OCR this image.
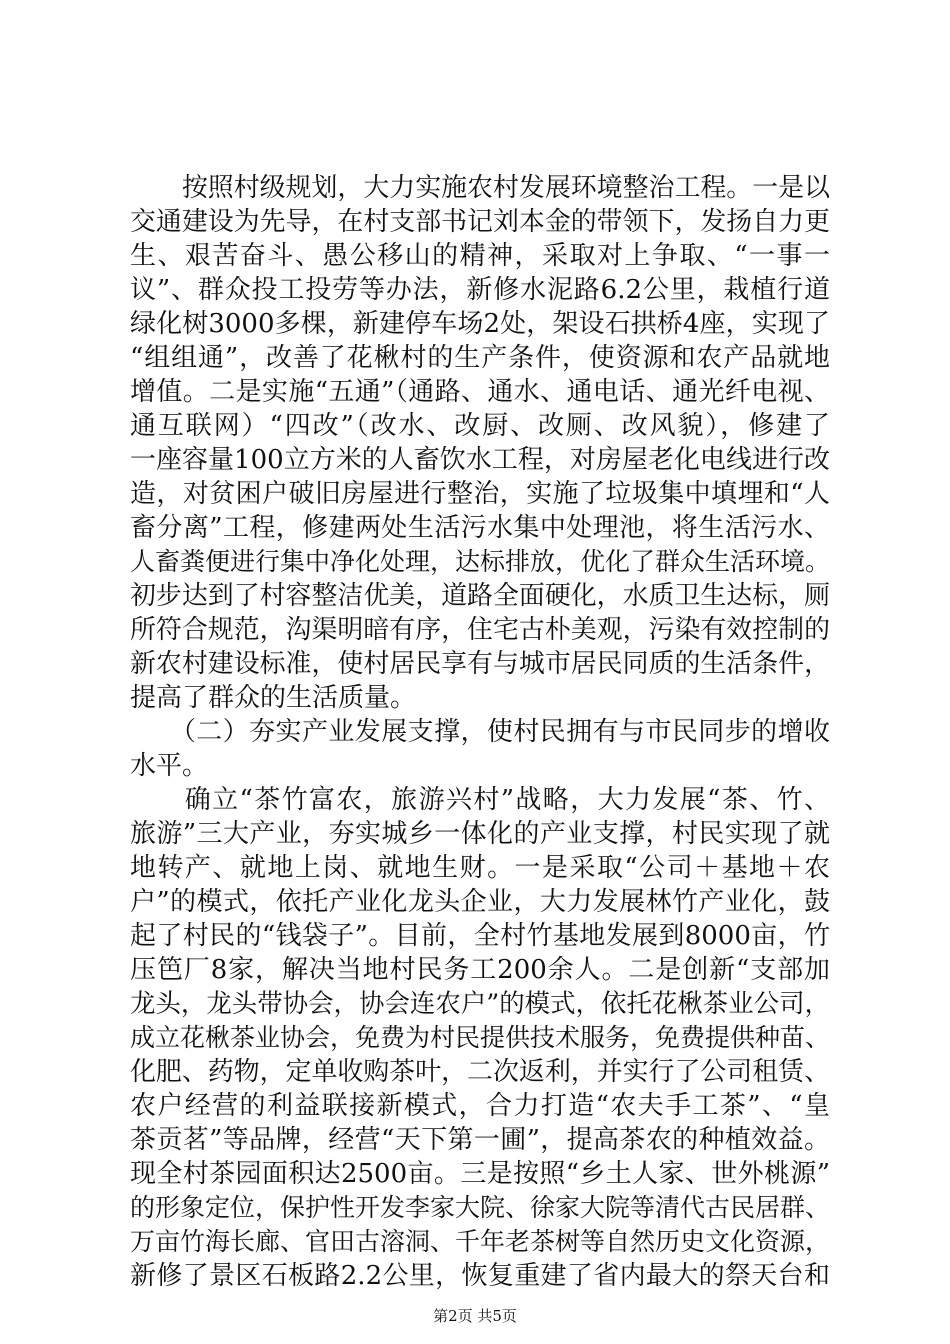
　　按照村级规划，大力实施农村发展环境整治工程。一是以
交通建设为先导，在村支部书记刘本金的带领下，发扬自力更
生、艰苦奋斗、愚公移山的精神，采取对上争取、“一事一
议”、群众投工投劳等办法，新修水泥路6.2公里，栽植行道
绿化树3000多棵，新建停车场2处，架设石拱桥4座，实现了
“组组通”，改善了花楸村的生产条件，使资源和农产品就地
增值。二是实施“五通”（通路、通水、通电话、通光纤电视、
通互联网）“四改”（改水、改厨、改厕、改风貌），修建了
一座容量100立方米的人畜饮水工程，对房屋老化电线进行改
造，对贫困户破旧房屋进行整治，实施了垃圾集中填埋和“人
畜分离”工程，修建两处生活污水集中处理池，将生活污水、
人畜粪便进行集中净化处理，达标排放，优化了群众生活环境。
初步达到了村容整洁优美，道路全面硬化，水质卫生达标，厕
所符合规范，沟渠明暗有序，住宅古朴美观，污染有效控制的
新农村建设标准，使村居民享有与城市居民同质的生活条件，
提高了群众的生活质量。
　　（二）夯实产业发展支撑，使村民拥有与市民同步的增收
水平。
　　确立“茶竹富农，旅游兴村”战略，大力发展“茶、竹、
旅游”三大产业，夯实城乡一体化的产业支撑，村民实现了就
地转产、就地上岗、就地生财。一是采取“公司＋基地＋农
户”的模式，依托产业化龙头企业，大力发展林竹产业化，鼓
起了村民的“钱袋子”。目前，全村竹基地发展到8000亩，竹
压笆厂8家，解决当地村民务工200余人。二是创新“支部加
龙头，龙头带协会，协会连农户”的模式，依托花楸茶业公司，
成立花楸茶业协会，免费为村民提供技术服务，免费提供种苗、
化肥、药物，定单收购茶叶，二次返利，并实行了公司租赁、
农户经营的利益联接新模式，合力打造“农夫手工茶”、“皇
茶贡茗”等品牌，经营“天下第一圃”，提高茶农的种植效益。
现全村茶园面积达2500亩。三是按照“乡土人家、世外桃源”
的形象定位，保护性开发李家大院、徐家大院等清代古民居群、
万亩竹海长廊、官田古溶洞、千年老茶树等自然历史文化资源，
新修了景区石板路2.2公里，恢复重建了省内最大的祭天台和
第2页 共5页
